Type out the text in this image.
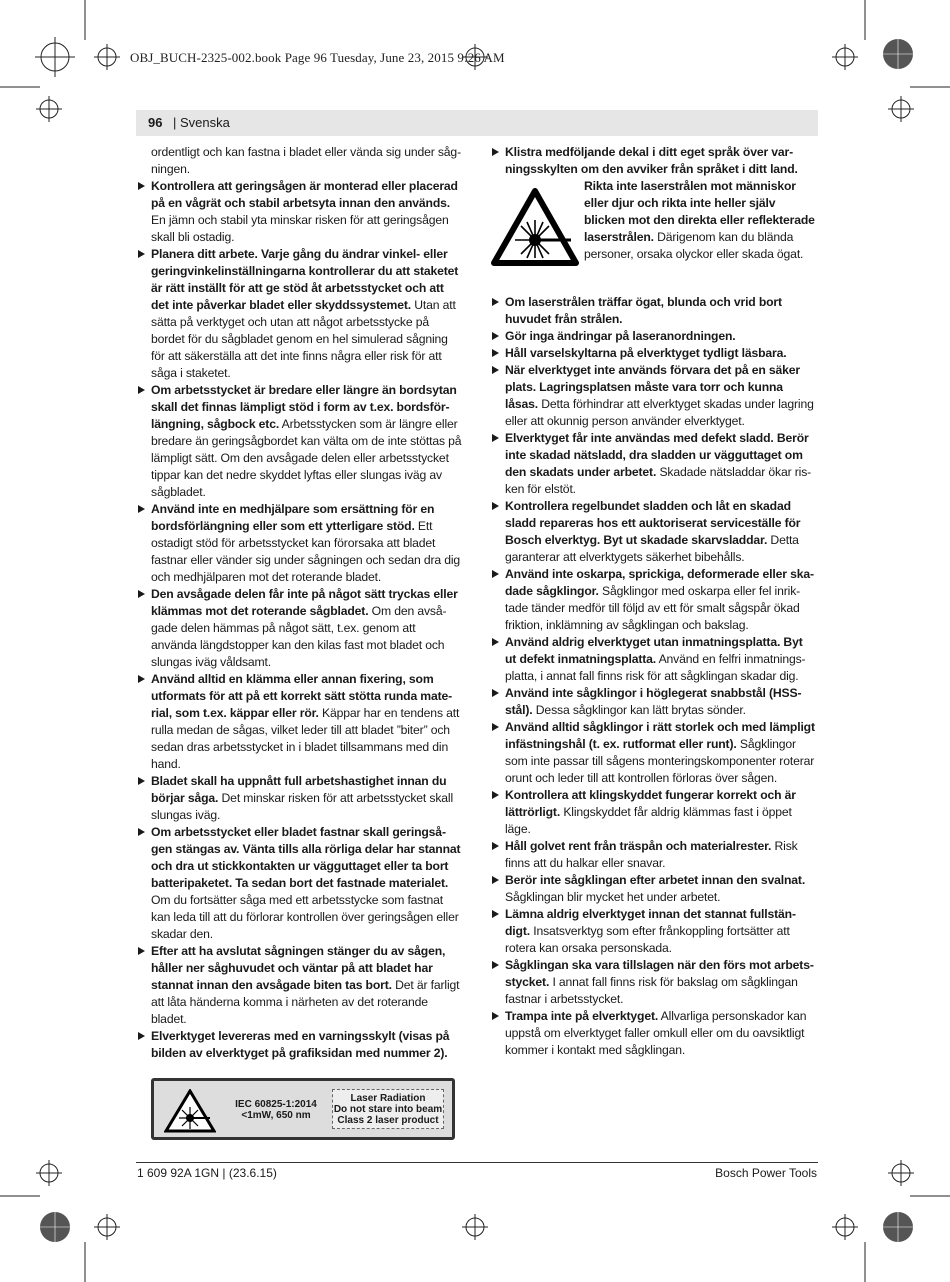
OBJ_BUCH-2325-002.book Page 96 Tuesday, June 23, 2015 9:26 AM
96 | Svenska

ordentligt och kan fastna i bladet eller vända sig under sågningen.

Kontrollera att geringsågen är monterad eller placerad på en vågrät och stabil arbetsyta innan den används. En jämn och stabil yta minskar risken för att geringsågen skall bli ostadig.

Planera ditt arbete. Varje gång du ändrar vinkel- eller geringvinkelinställningarna kontrollerar du att staketet är rätt inställt för att ge stöd åt arbetsstycket och att det inte påverkar bladet eller skyddssystemet. Utan att sätta på verktyget och utan att något arbetsstycke på bordet för du sågbladet genom en hel simulerad sågning för att säkerställa att det inte finns några eller risk för att såga i staketet.

Om arbetsstycket är bredare eller längre än bordsytan skall det finnas lämpligt stöd i form av t.ex. bordsförlängning, sågbock etc. Arbetsstycken som är längre eller bredare än geringsågbordet kan välta om de inte stöttas på lämpligt sätt. Om den avsågade delen eller arbetsstycket tippar kan det nedre skyddet lyftas eller slungas iväg av sågbladet.

Använd inte en medhjälpare som ersättning för en bordsförlängning eller som ett ytterligare stöd. Ett ostadigt stöd för arbetsstycket kan förorsaka att bladet fastnar eller vänder sig under sågningen och sedan dra dig och medhjälparen mot det roterande bladet.

Den avsågade delen får inte på något sätt tryckas eller klämmas mot det roterande sågbladet. Om den avsågade delen hämmas på något sätt, t.ex. genom att använda längdstopper kan den kilas fast mot bladet och slungas iväg våldsamt.

Använd alltid en klämma eller annan fixering, som utformats för att på ett korrekt sätt stötta runda material, som t.ex. käppar eller rör. Käppar har en tendens att rulla medan de sågas, vilket leder till att bladet ”biter” och sedan dras arbetsstycket in i bladet tillsammans med din hand.

Bladet skall ha uppnått full arbetshastighet innan du börjar såga. Det minskar risken för att arbetsstycket skall slungas iväg.

Om arbetsstycket eller bladet fastnar skall geringsågen stängas av. Vänta tills alla rörliga delar har stannat och dra ut stickkontakten ur vägguttaget eller ta bort batteripaketet. Ta sedan bort det fastnade materialet. Om du fortsätter såga med ett arbetsstycke som fastnat kan leda till att du förlorar kontrollen över geringsågen eller skadar den.

Efter att ha avslutat sågningen stänger du av sågen, håller ner såghuvudet och väntar på att bladet har stannat innan den avsågade biten tas bort. Det är farligt att låta händerna komma i närheten av det roterande bladet.

Elverktyget levereras med en varningsskylt (visas på bilden av elverktyget på grafiksidan med nummer 2).

IEC 60825-1:2014
<1mW, 650 nm
Laser Radiation
Do not stare into beam
Class 2 laser product

Klistra medföljande dekal i ditt eget språk över varningsskylten om den avviker från språket i ditt land.

Rikta inte laserstrålen mot människor eller djur och rikta inte heller själv blicken mot den direkta eller reflekterade laserstrålen. Därigenom kan du blända personer, orsaka olyckor eller skada ögat.

Om laserstrålen träffar ögat, blunda och vrid bort huvudet från strålen.

Gör inga ändringar på laseranordningen.

Håll varselskyltarna på elverktyget tydligt läsbara.

När elverktyget inte används förvara det på en säker plats. Lagringsplatsen måste vara torr och kunna låsas. Detta förhindrar att elverktyget skadas under lagring eller att okunnig person använder elverktyget.

Elverktyget får inte användas med defekt sladd. Berör inte skadad nätsladd, dra sladden ur vägguttaget om den skadats under arbetet. Skadade nätsladdar ökar risken för elstöt.

Kontrollera regelbundet sladden och låt en skadad sladd repareras hos ett auktoriserat serviceställe för Bosch elverktyg. Byt ut skadade skarvsladdar. Detta garanterar att elverktygets säkerhet bibehålls.

Använd inte oskarpa, sprickiga, deformerade eller skadade sågklingor. Sågklingor med oskarpa eller fel inriktade tänder medför till följd av ett för smalt sågspår ökad friktion, inklämning av sågklingan och bakslag.

Använd aldrig elverktyget utan inmatningsplatta. Byt ut defekt inmatningsplatta. Använd en felfri inmatningsplatta, i annat fall finns risk för att sågklingan skadar dig.

Använd inte sågklingor i höglegerat snabbstål (HSS-stål). Dessa sågklingor kan lätt brytas sönder.

Använd alltid sågklingor i rätt storlek och med lämpligt infästningshål (t. ex. rutformat eller runt). Sågklingor som inte passar till sågens monteringskomponenter roterar orunt och leder till att kontrollen förloras över sågen.

Kontrollera att klingskyddet fungerar korrekt och är lättrörligt. Klingskyddet får aldrig klämmas fast i öppet läge.

Håll golvet rent från träspån och materialrester. Risk finns att du halkar eller snavar.

Berör inte sågklingan efter arbetet innan den svalnat. Sågklingan blir mycket het under arbetet.

Lämna aldrig elverktyget innan det stannat fullständigt. Insatsverktyg som efter frånkoppling fortsätter att rotera kan orsaka personskada.

Sågklingan ska vara tillslagen när den förs mot arbetsstycket. I annat fall finns risk för bakslag om sågklingan fastnar i arbetsstycket.

Trampa inte på elverktyget. Allvarliga personskador kan uppstå om elverktyget faller omkull eller om du oavsiktligt kommer i kontakt med sågklingan.

1 609 92A 1GN | (23.6.15)	Bosch Power Tools
